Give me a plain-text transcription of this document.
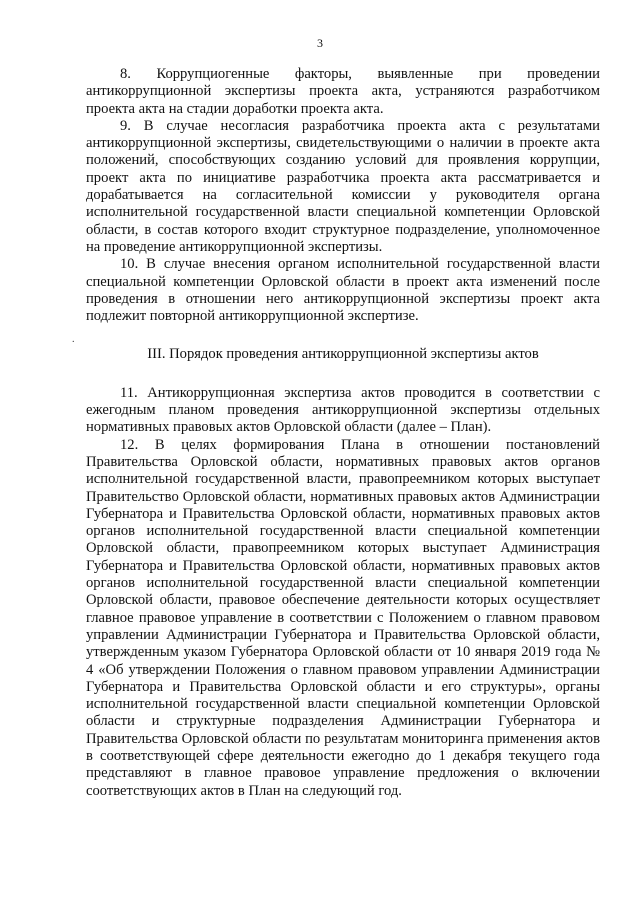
3
.

8. Коррупциогенные факторы, выявленные при проведении антикоррупционной экспертизы проекта акта, устраняются разработчиком проекта акта на стадии доработки проекта акта.

9. В случае несогласия разработчика проекта акта с результатами антикоррупционной экспертизы, свидетельствующими о наличии в проекте акта положений, способствующих созданию условий для проявления коррупции, проект акта по инициативе разработчика проекта акта рассматривается и дорабатывается на согласительной комиссии у руководителя органа исполнительной государственной власти специальной компетенции Орловской области, в состав которого входит структурное подразделение, уполномоченное на проведение антикоррупционной экспертизы.

10. В случае внесения органом исполнительной государственной власти специальной компетенции Орловской области в проект акта изменений после проведения в отношении него антикоррупционной экспертизы проект акта подлежит повторной антикоррупционной экспертизе.

III. Порядок проведения антикоррупционной экспертизы актов

11. Антикоррупционная экспертиза актов проводится в соответствии с ежегодным планом проведения антикоррупционной экспертизы отдельных нормативных правовых актов Орловской области (далее – План).

12. В целях формирования Плана в отношении постановлений Правительства Орловской области, нормативных правовых актов органов исполнительной государственной власти, правопреемником которых выступает Правительство Орловской области, нормативных правовых актов Администрации Губернатора и Правительства Орловской области, нормативных правовых актов органов исполнительной государственной власти специальной компетенции Орловской области, правопреемником которых выступает Администрация Губернатора и Правительства Орловской области, нормативных правовых актов органов исполнительной государственной власти специальной компетенции Орловской области, правовое обеспечение деятельности которых осуществляет главное правовое управление в соответствии с Положением о главном правовом управлении Администрации Губернатора и Правительства Орловской области, утвержденным указом Губернатора Орловской области от 10 января 2019 года № 4 «Об утверждении Положения о главном правовом управлении Администрации Губернатора и Правительства Орловской области и его структуры», органы исполнительной государственной власти специальной компетенции Орловской области и структурные подразделения Администрации Губернатора и Правительства Орловской области по результатам мониторинга применения актов в соответствующей сфере деятельности ежегодно до 1 декабря текущего года представляют в главное правовое управление предложения о включении соответствующих актов в План на следующий год.
